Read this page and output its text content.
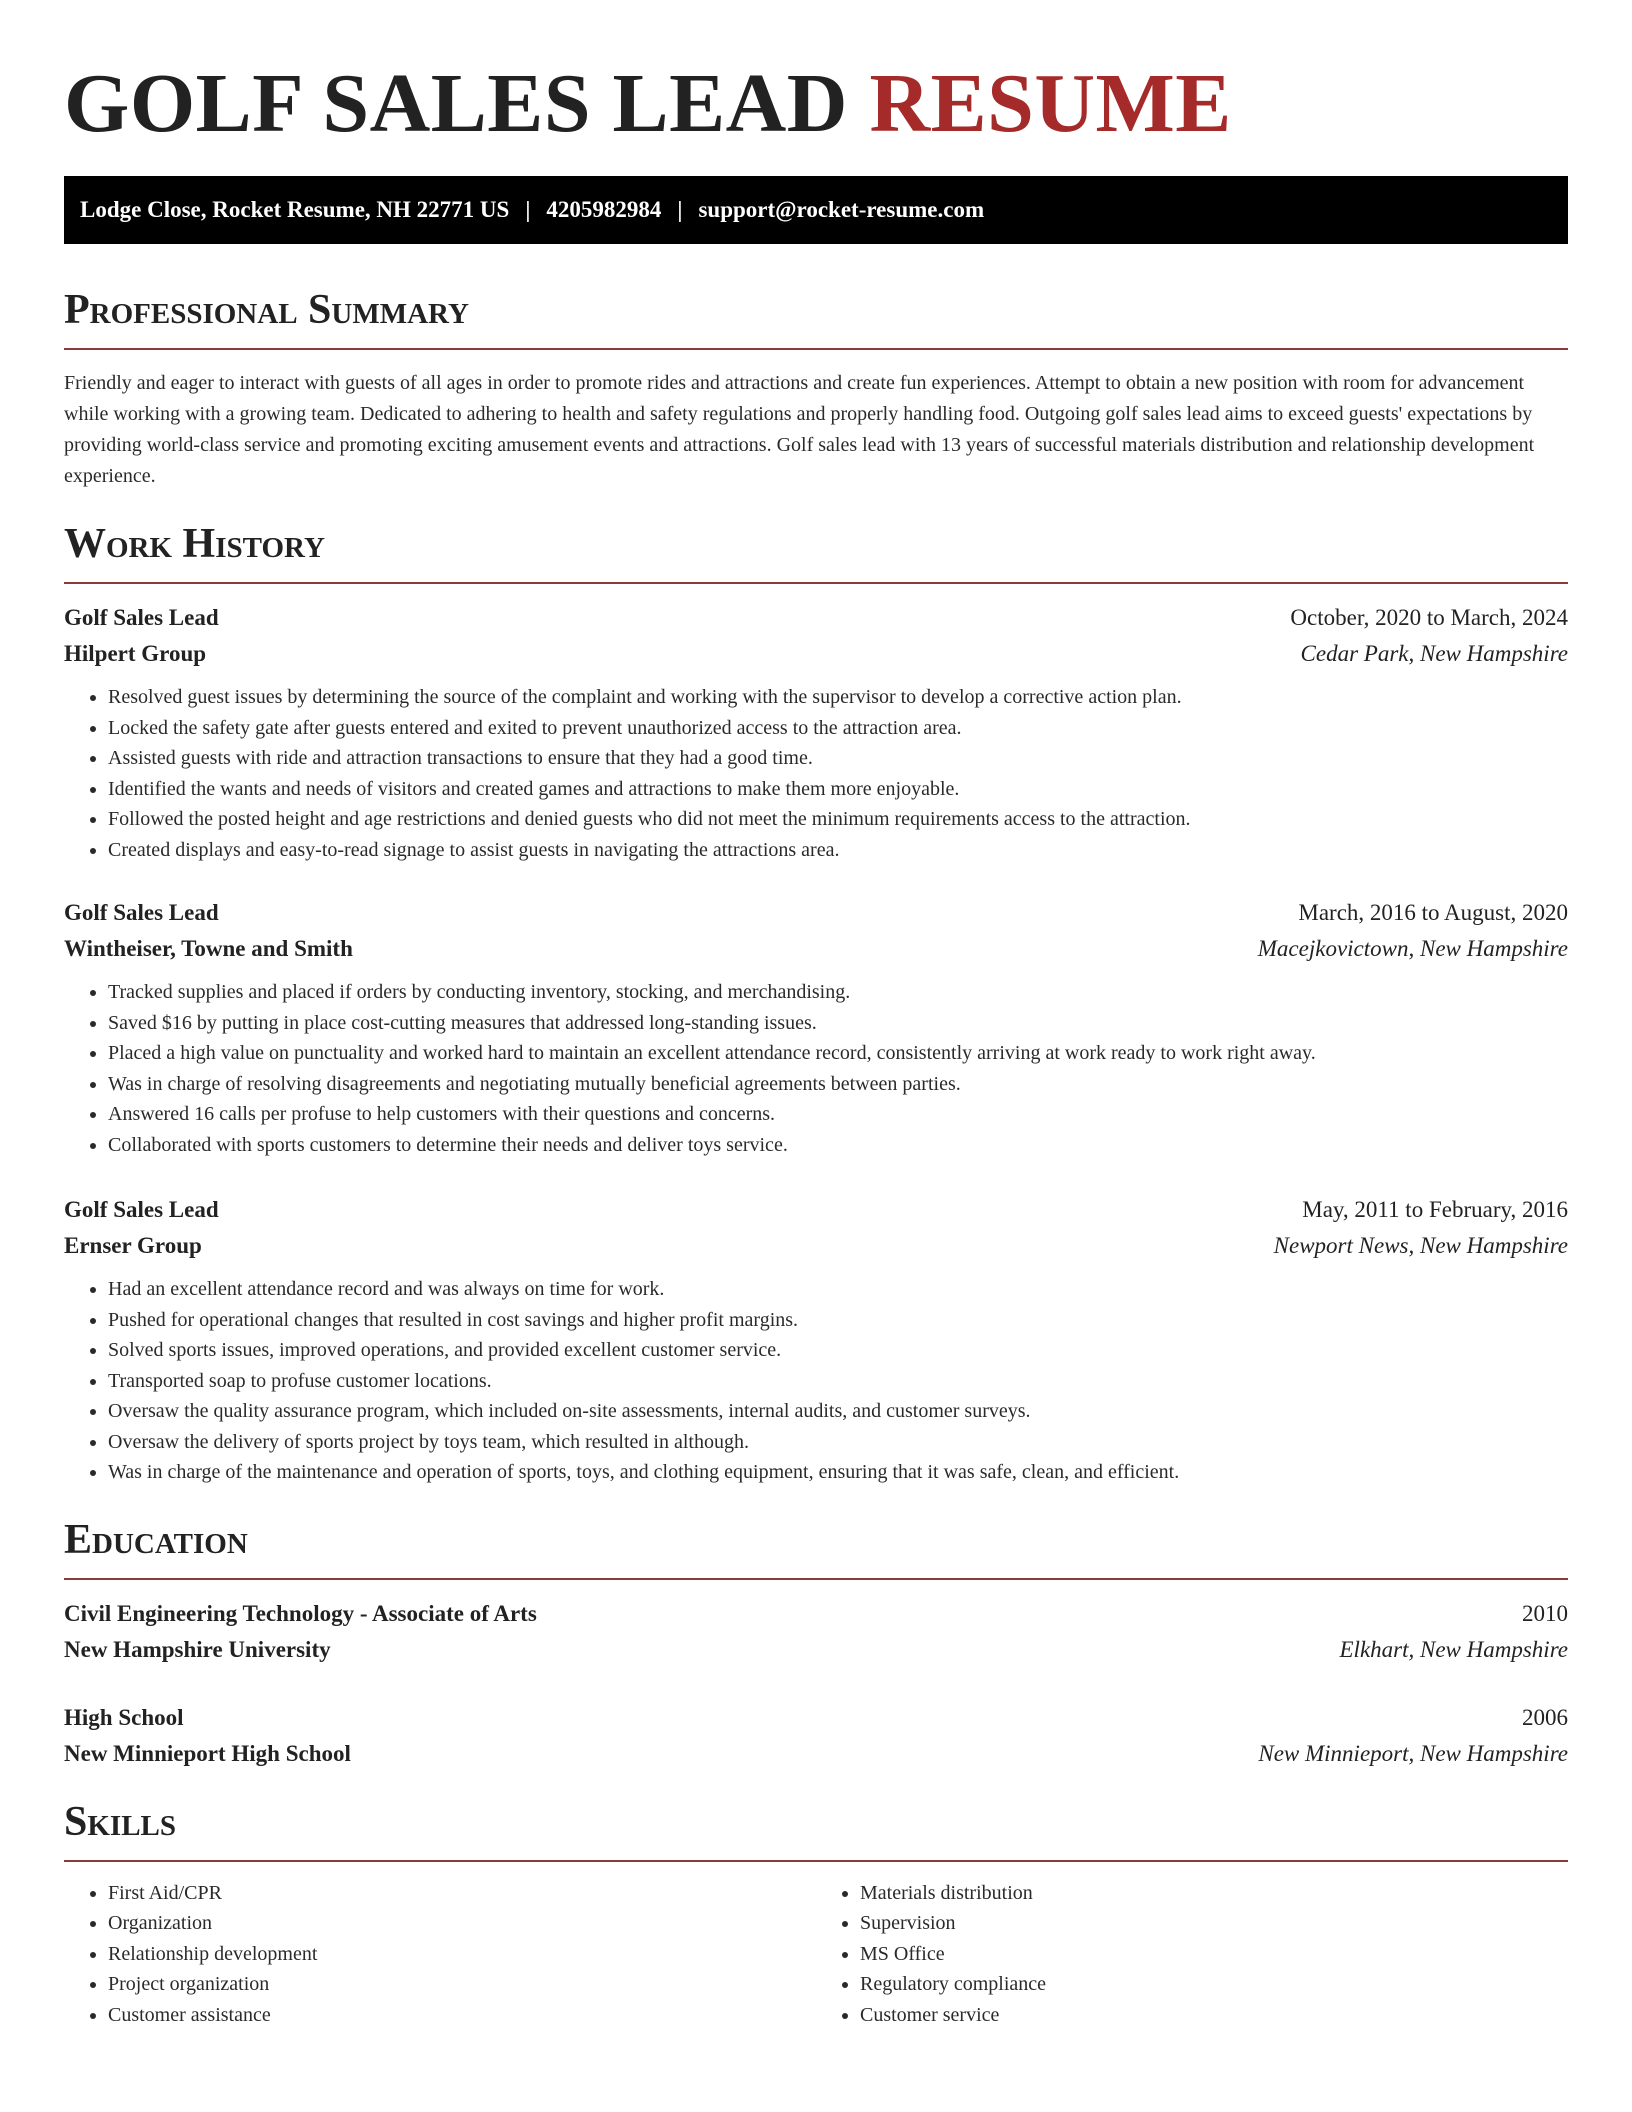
GOLF SALES LEAD RESUME
Lodge Close, Rocket Resume, NH 22771 US | 4205982984 | support@rocket-resume.com
Professional Summary

Friendly and eager to interact with guests of all ages in order to promote rides and attractions and create fun experiences. Attempt to obtain a new position with room for advancement while working with a growing team. Dedicated to adhering to health and safety regulations and properly handling food. Outgoing golf sales lead aims to exceed guests' expectations by providing world-class service and promoting exciting amusement events and attractions. Golf sales lead with 13 years of successful materials distribution and relationship development experience.

Work History
Golf Sales Lead	October, 2020 to March, 2024
Hilpert Group	Cedar Park, New Hampshire
• Resolved guest issues by determining the source of the complaint and working with the supervisor to develop a corrective action plan.
• Locked the safety gate after guests entered and exited to prevent unauthorized access to the attraction area.
• Assisted guests with ride and attraction transactions to ensure that they had a good time.
• Identified the wants and needs of visitors and created games and attractions to make them more enjoyable.
• Followed the posted height and age restrictions and denied guests who did not meet the minimum requirements access to the attraction.
• Created displays and easy-to-read signage to assist guests in navigating the attractions area.
Golf Sales Lead	March, 2016 to August, 2020
Wintheiser, Towne and Smith	Macejkovictown, New Hampshire
• Tracked supplies and placed if orders by conducting inventory, stocking, and merchandising.
• Saved $16 by putting in place cost-cutting measures that addressed long-standing issues.
• Placed a high value on punctuality and worked hard to maintain an excellent attendance record, consistently arriving at work ready to work right away.
• Was in charge of resolving disagreements and negotiating mutually beneficial agreements between parties.
• Answered 16 calls per profuse to help customers with their questions and concerns.
• Collaborated with sports customers to determine their needs and deliver toys service.
Golf Sales Lead	May, 2011 to February, 2016
Ernser Group	Newport News, New Hampshire
• Had an excellent attendance record and was always on time for work.
• Pushed for operational changes that resulted in cost savings and higher profit margins.
• Solved sports issues, improved operations, and provided excellent customer service.
• Transported soap to profuse customer locations.
• Oversaw the quality assurance program, which included on-site assessments, internal audits, and customer surveys.
• Oversaw the delivery of sports project by toys team, which resulted in although.
• Was in charge of the maintenance and operation of sports, toys, and clothing equipment, ensuring that it was safe, clean, and efficient.
Education
Civil Engineering Technology - Associate of Arts	2010
New Hampshire University	Elkhart, New Hampshire
High School	2006
New Minnieport High School	New Minnieport, New Hampshire
Skills
• First Aid/CPR
• Organization
• Relationship development
• Project organization
• Customer assistance
• Materials distribution
• Supervision
• MS Office
• Regulatory compliance
• Customer service
